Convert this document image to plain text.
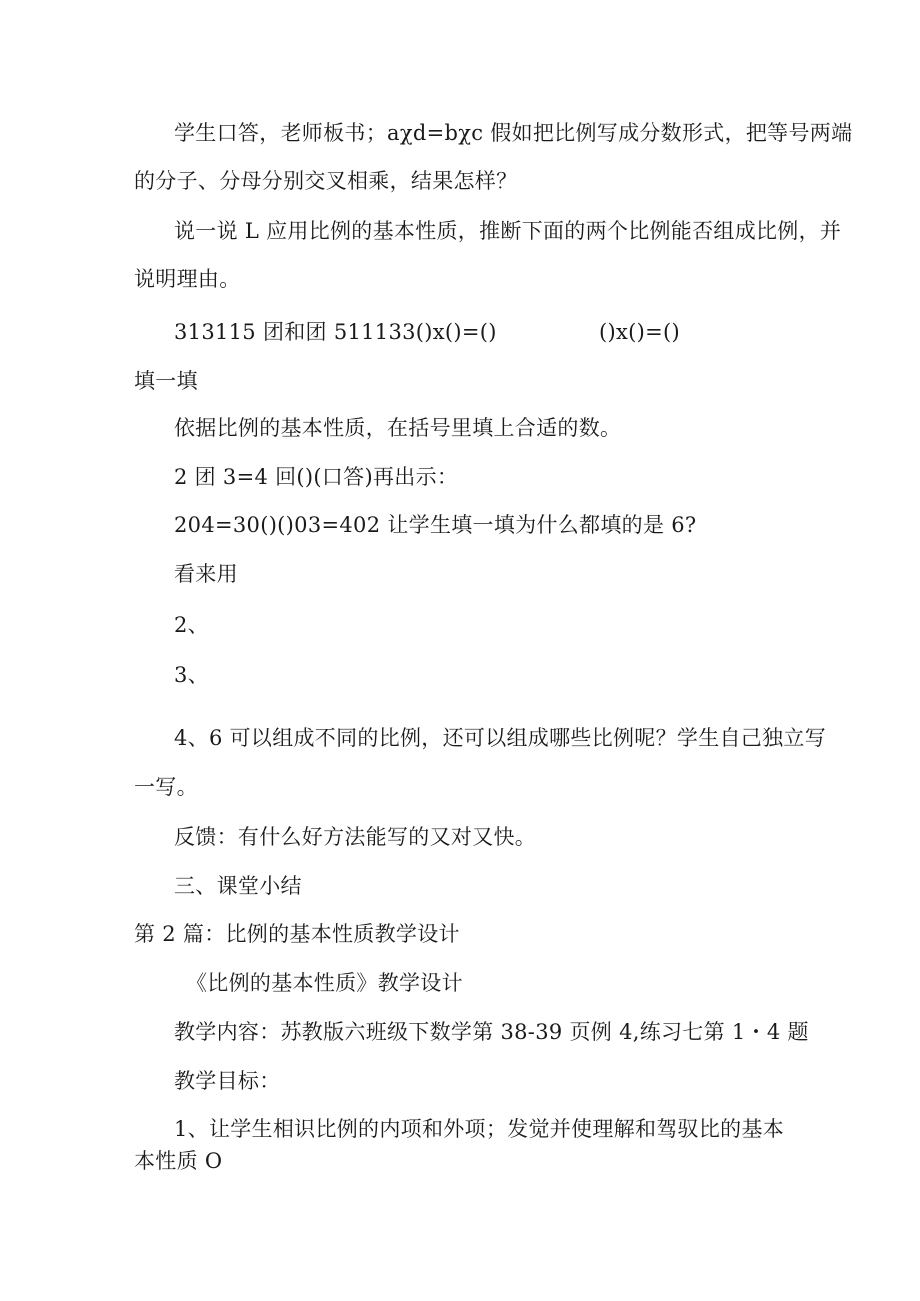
学生口答，老师板书；aχd=bχc 假如把比例写成分数形式，把等号两端
的分子、分母分别交叉相乘，结果怎样？
说一说 L 应用比例的基本性质，推断下面的两个比例能否组成比例，并
说明理由。
313115 团和团 511133()x()=()	()x()=()
填一填
依据比例的基本性质，在括号里填上合适的数。
2 团 3=4 回()(口答)再出示：
204=30()()03=402 让学生填一填为什么都填的是 6?
看来用
2、
3、
4、6 可以组成不同的比例，还可以组成哪些比例呢？学生自己独立写
一写。
反馈：有什么好方法能写的又对又快。
三、课堂小结
第 2 篇：比例的基本性质教学设计
《比例的基本性质》教学设计
教学内容：苏教版六班级下数学第 38-39 页例 4,练习七第 1・4 题
教学目标：
1、让学生相识比例的内项和外项；发觉并使理解和驾驭比的基本
本性质 O
